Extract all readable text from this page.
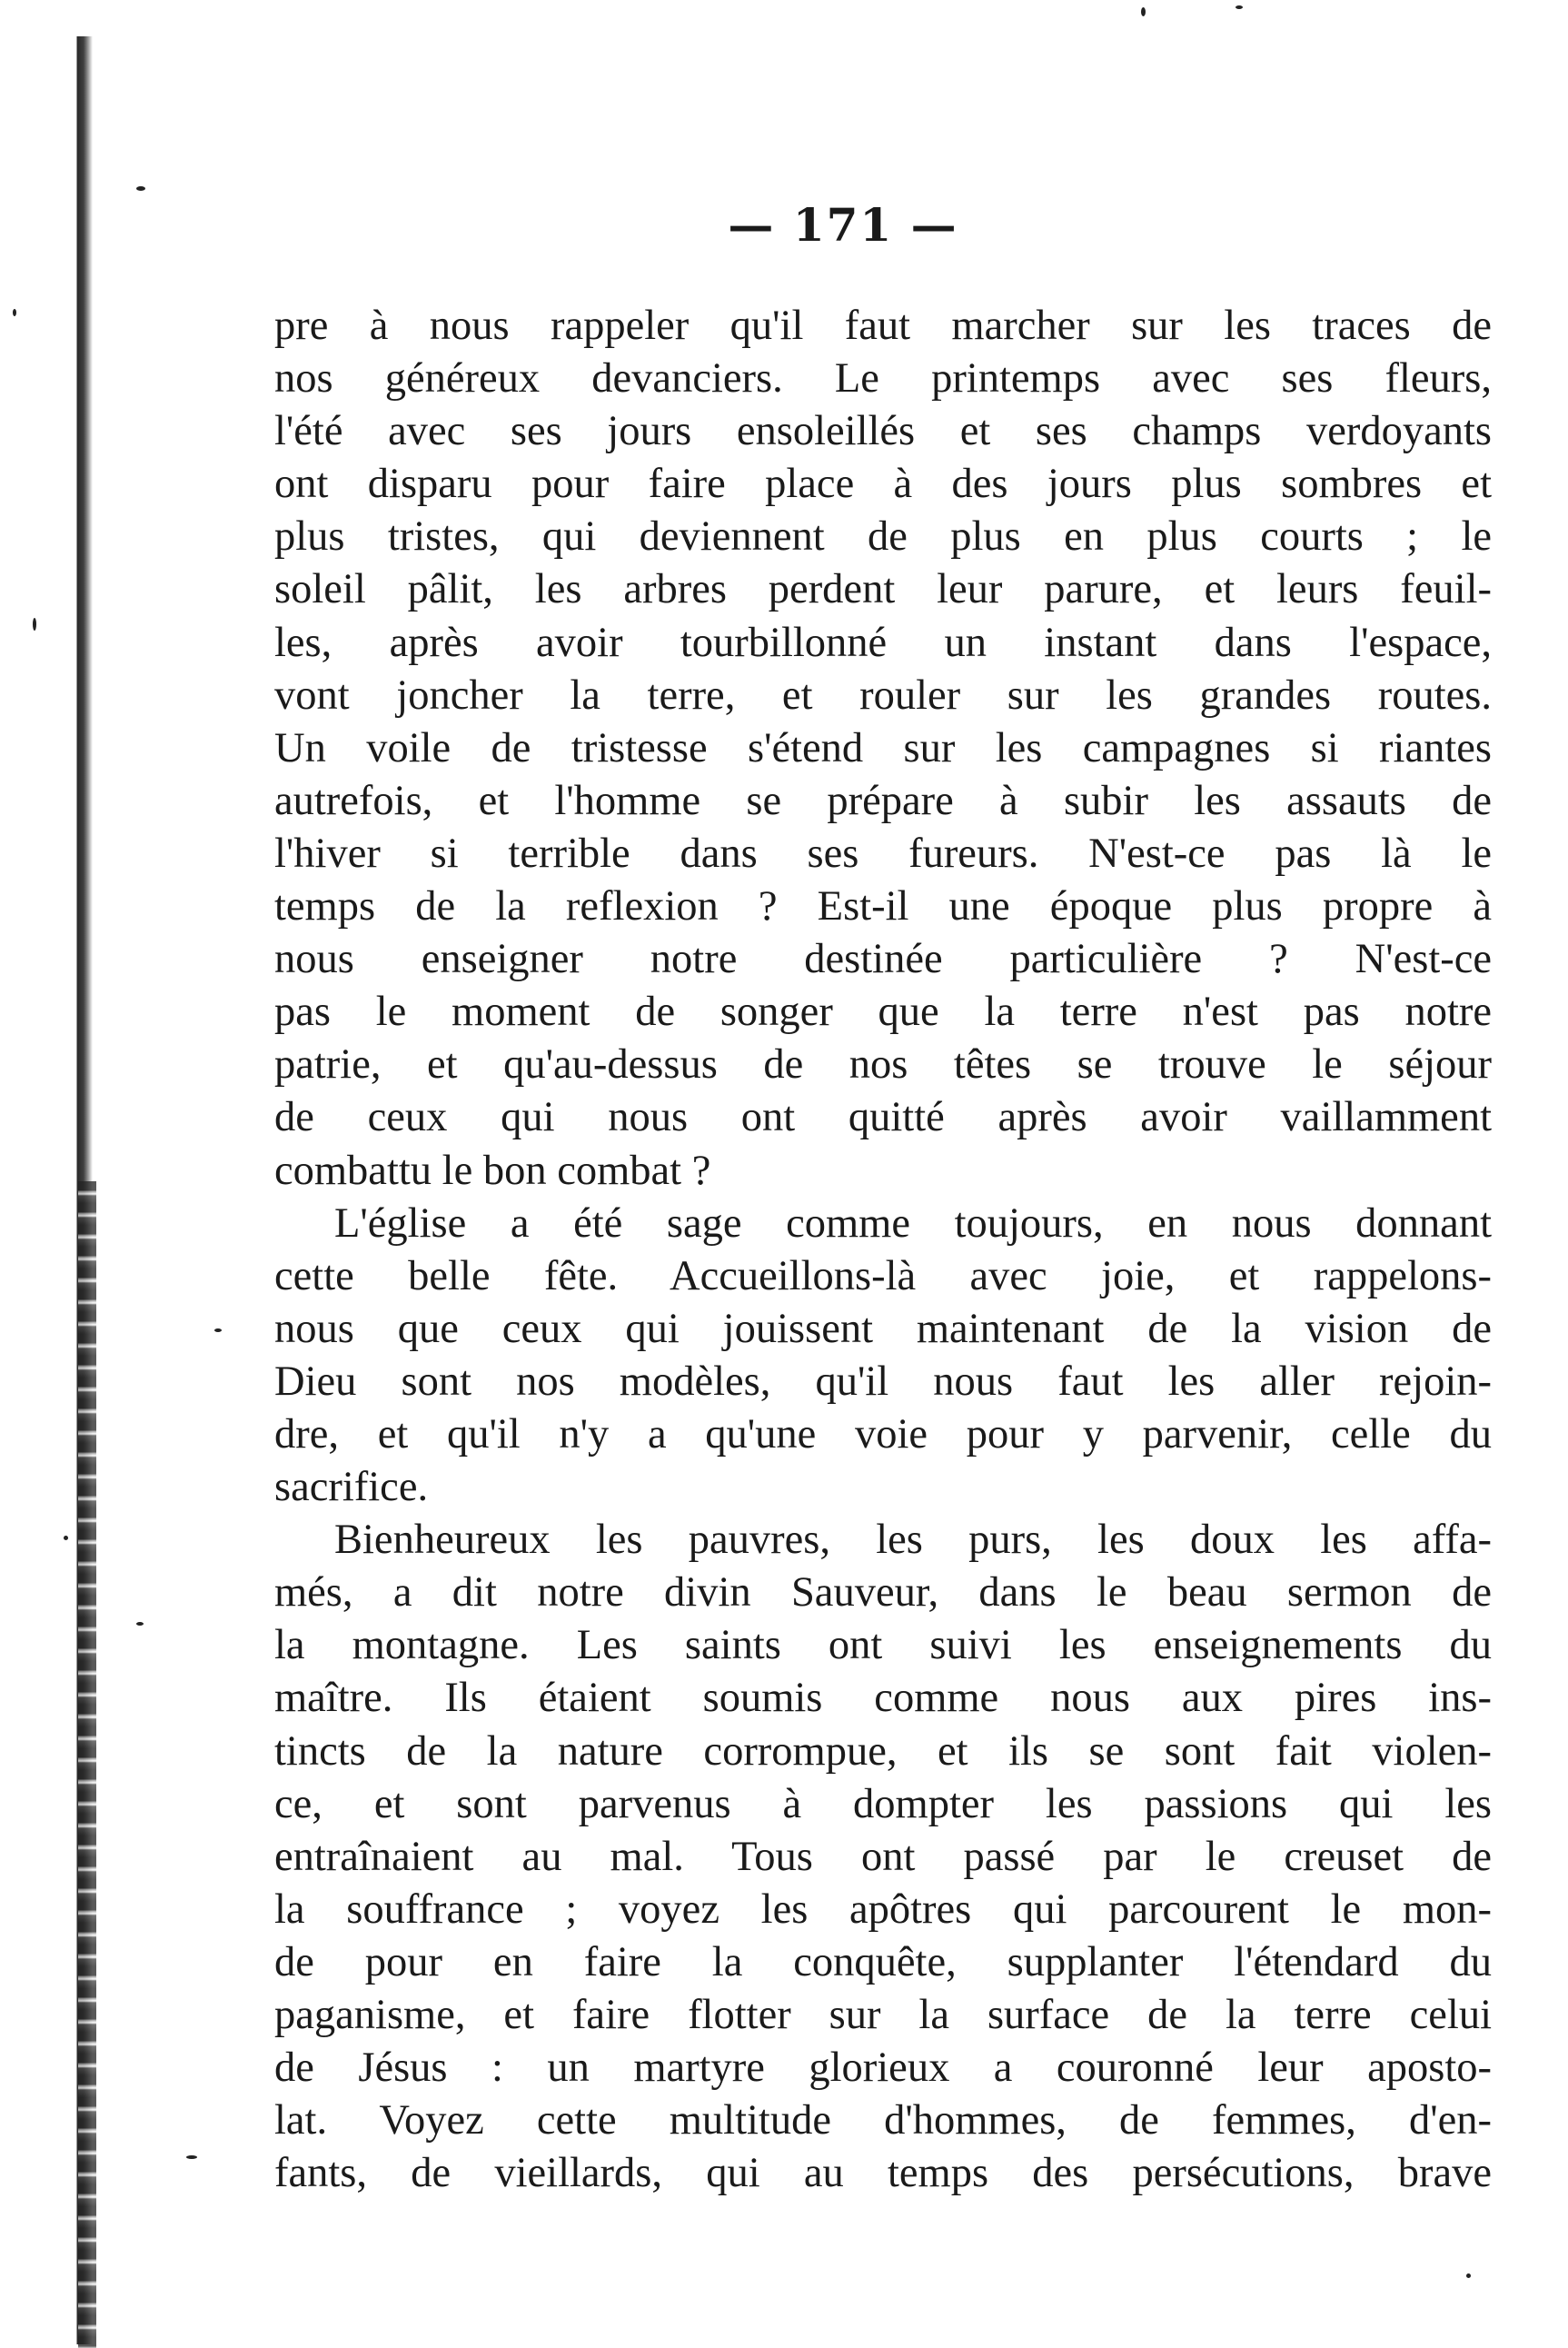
— 171 —
pre à nous rappeler qu'il faut marcher sur les traces de
nos généreux devanciers. Le printemps avec ses fleurs,
l'été avec ses jours ensoleillés et ses champs verdoyants
ont disparu pour faire place à des jours plus sombres et
plus tristes, qui deviennent de plus en plus courts ; le
soleil pâlit, les arbres perdent leur parure, et leurs feuil-
les, après avoir tourbillonné un instant dans l'espace,
vont joncher la terre, et rouler sur les grandes routes.
Un voile de tristesse s'étend sur les campagnes si riantes
autrefois, et l'homme se prépare à subir les assauts de
l'hiver si terrible dans ses fureurs. N'est-ce pas là le
temps de la reflexion ? Est-il une époque plus propre à
nous enseigner notre destinée particulière ? N'est-ce
pas le moment de songer que la terre n'est pas notre
patrie, et qu'au-dessus de nos têtes se trouve le séjour
de ceux qui nous ont quitté après avoir vaillamment
combattu le bon combat ?
L'église a été sage comme toujours, en nous donnant
cette belle fête. Accueillons-là avec joie, et rappelons-
nous que ceux qui jouissent maintenant de la vision de
Dieu sont nos modèles, qu'il nous faut les aller rejoin-
dre, et qu'il n'y a qu'une voie pour y parvenir, celle du
sacrifice.
Bienheureux les pauvres, les purs, les doux les affa-
més, a dit notre divin Sauveur, dans le beau sermon de
la montagne. Les saints ont suivi les enseignements du
maître. Ils étaient soumis comme nous aux pires ins-
tincts de la nature corrompue, et ils se sont fait violen-
ce, et sont parvenus à dompter les passions qui les
entraînaient au mal. Tous ont passé par le creuset de
la souffrance ; voyez les apôtres qui parcourent le mon-
de pour en faire la conquête, supplanter l'étendard du
paganisme, et faire flotter sur la surface de la terre celui
de Jésus : un martyre glorieux a couronné leur aposto-
lat. Voyez cette multitude d'hommes, de femmes, d'en-
fants, de vieillards, qui au temps des persécutions, brave
